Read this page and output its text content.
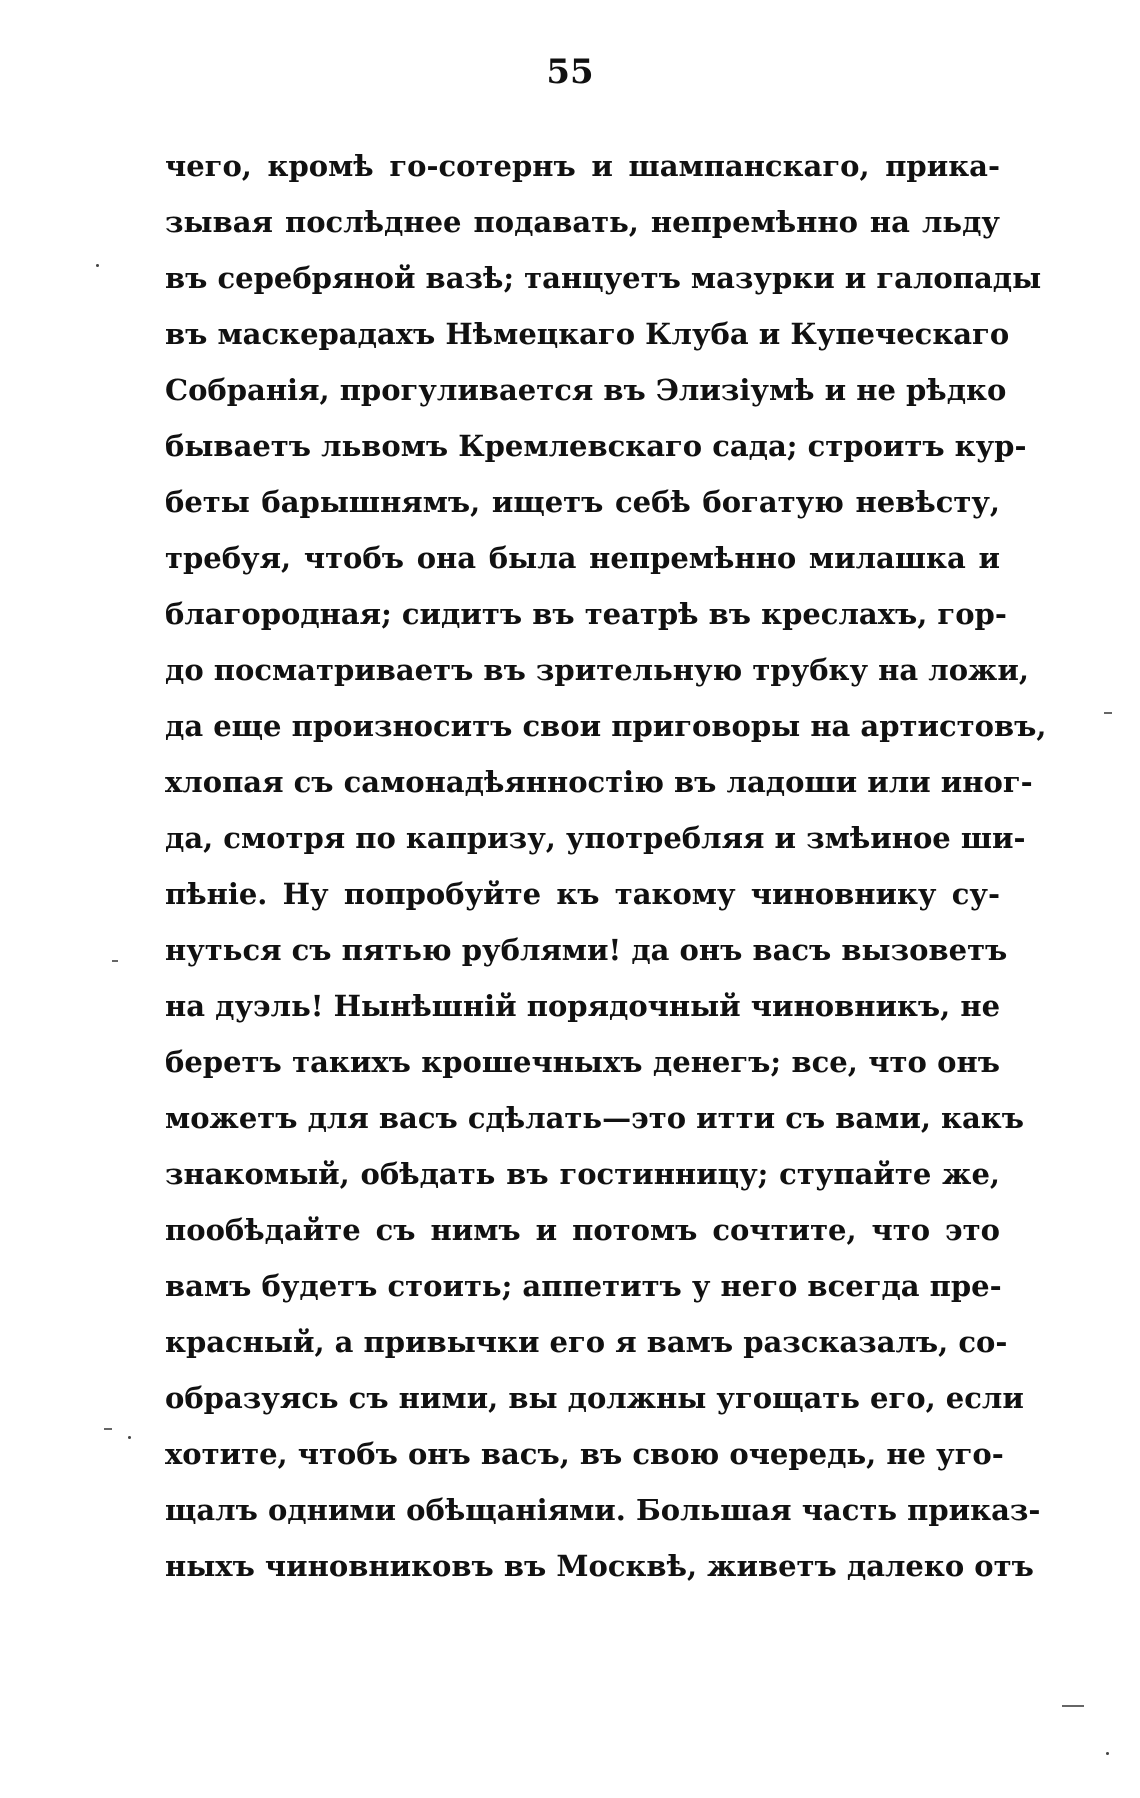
55
чего, кромѣ го-сотернъ и шампанскаго, прика-
зывая послѣднее подавать, непремѣнно на льду
въ серебряной вазѣ; танцуетъ мазурки и галопады
въ маскерадахъ Нѣмецкаго Клуба и Купеческаго
Собранія, прогуливается въ Элизіумѣ и не рѣдко
бываетъ львомъ Кремлевскаго сада; строитъ кур-
беты барышнямъ, ищетъ себѣ богатую невѣсту,
требуя, чтобъ она была непремѣнно милашка и
благородная; сидитъ въ театрѣ въ креслахъ, гор-
до посматриваетъ въ зрительную трубку на ложи,
да еще произноситъ свои приговоры на артистовъ,
хлопая съ самонадѣянностію въ ладоши или иног-
да, смотря по капризу, употребляя и змѣиное ши-
пѣніе. Ну попробуйте къ такому чиновнику су-
нуться съ пятью рублями! да онъ васъ вызоветъ
на дуэль! Нынѣшній порядочный чиновникъ, не
беретъ такихъ крошечныхъ денегъ; все, что онъ
можетъ для васъ сдѣлать—это итти съ вами, какъ
знакомый, обѣдать въ гостинницу; ступайте же,
пообѣдайте съ нимъ и потомъ сочтите, что это
вамъ будетъ стоить; аппетитъ у него всегда пре-
красный, а привычки его я вамъ разсказалъ, со-
образуясь съ ними, вы должны угощать его, если
хотите, чтобъ онъ васъ, въ свою очередь, не уго-
щалъ одними обѣщаніями. Большая часть приказ-
ныхъ чиновниковъ въ Москвѣ, живетъ далеко отъ
